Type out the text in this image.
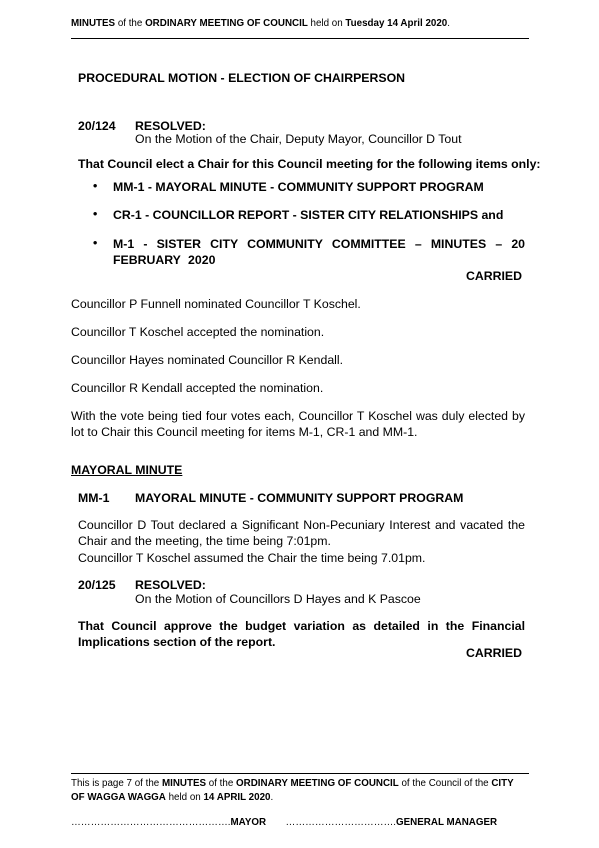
MINUTES of the ORDINARY MEETING OF COUNCIL held on Tuesday 14 April 2020.
PROCEDURAL MOTION - ELECTION OF CHAIRPERSON
20/124 RESOLVED:
On the Motion of the Chair, Deputy Mayor, Councillor D Tout
That Council elect a Chair for this Council meeting for the following items only:
• MM-1 - MAYORAL MINUTE - COMMUNITY SUPPORT PROGRAM
• CR-1 - COUNCILLOR REPORT - SISTER CITY RELATIONSHIPS and
• M-1 - SISTER CITY COMMUNITY COMMITTEE – MINUTES – 20 FEBRUARY 2020
CARRIED
Councillor P Funnell nominated Councillor T Koschel.
Councillor T Koschel accepted the nomination.
Councillor Hayes nominated Councillor R Kendall.
Councillor R Kendall accepted the nomination.
With the vote being tied four votes each, Councillor T Koschel was duly elected by lot to Chair this Council meeting for items M-1, CR-1 and MM-1.
MAYORAL MINUTE
MM-1 MAYORAL MINUTE - COMMUNITY SUPPORT PROGRAM
Councillor D Tout declared a Significant Non-Pecuniary Interest and vacated the Chair and the meeting, the time being 7:01pm.
Councillor T Koschel assumed the Chair the time being 7.01pm.
20/125 RESOLVED:
On the Motion of Councillors D Hayes and K Pascoe
That Council approve the budget variation as detailed in the Financial Implications section of the report.
CARRIED
This is page 7 of the MINUTES of the ORDINARY MEETING OF COUNCIL of the Council of the CITY OF WAGGA WAGGA held on 14 APRIL 2020.
………………………………………….MAYOR …………………………….GENERAL MANAGER
